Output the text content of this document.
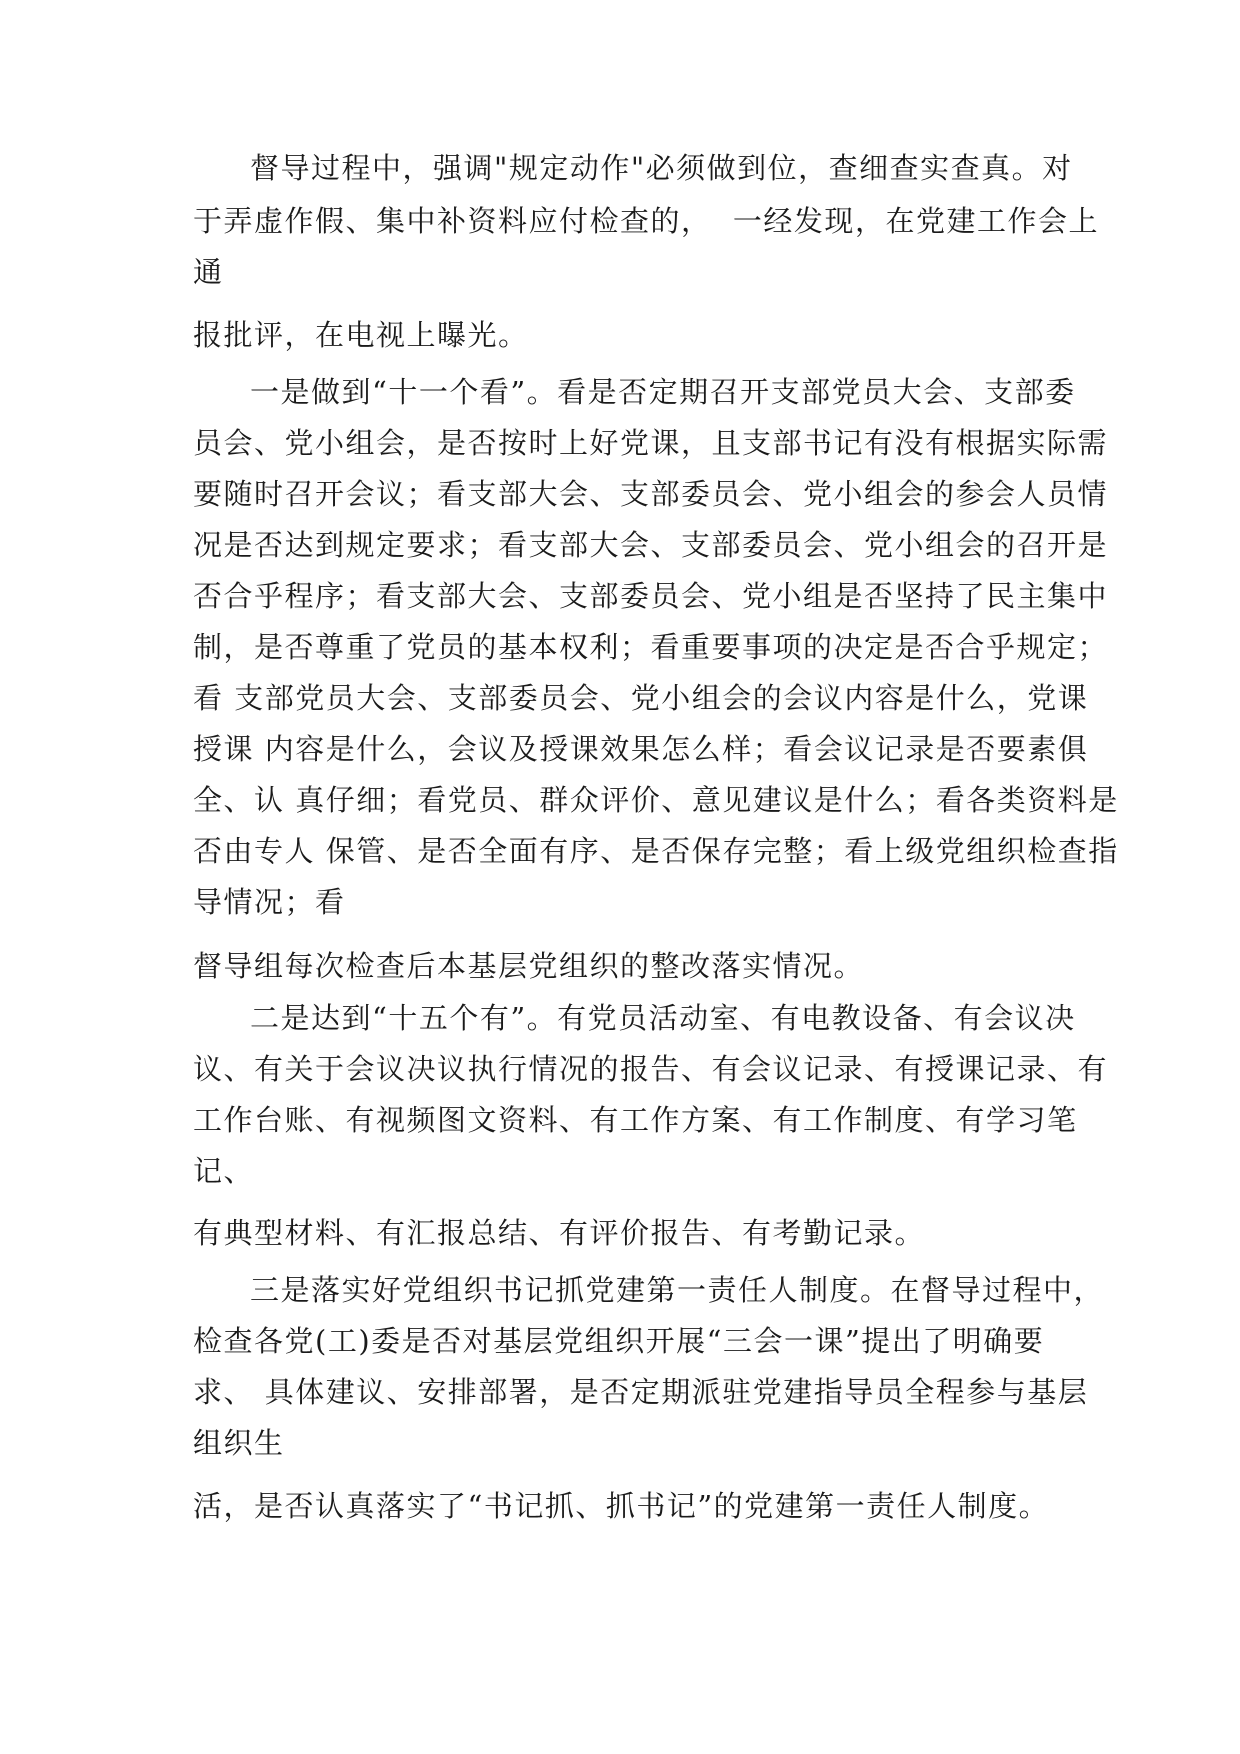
督导过程中，强调"规定动作"必须做到位，查细查实查真。对
于弄虚作假、集中补资料应付检查的，  一经发现，在党建工作会上
通
报批评，在电视上曝光。
一是做到“十一个看”。看是否定期召开支部党员大会、支部委
员会、党小组会，是否按时上好党课，且支部书记有没有根据实际需
要随时召开会议；看支部大会、支部委员会、党小组会的参会人员情
况是否达到规定要求；看支部大会、支部委员会、党小组会的召开是
否合乎程序；看支部大会、支部委员会、党小组是否坚持了民主集中
制，是否尊重了党员的基本权利；看重要事项的决定是否合乎规定；
看 支部党员大会、支部委员会、党小组会的会议内容是什么，党课
授课 内容是什么，会议及授课效果怎么样；看会议记录是否要素俱
全、认 真仔细；看党员、群众评价、意见建议是什么；看各类资料是
否由专人 保管、是否全面有序、是否保存完整；看上级党组织检查指
导情况；看
督导组每次检查后本基层党组织的整改落实情况。
二是达到“十五个有”。有党员活动室、有电教设备、有会议决
议、有关于会议决议执行情况的报告、有会议记录、有授课记录、有
工作台账、有视频图文资料、有工作方案、有工作制度、有学习笔
记、
有典型材料、有汇报总结、有评价报告、有考勤记录。
三是落实好党组织书记抓党建第一责任人制度。在督导过程中，
检查各党(工)委是否对基层党组织开展“三会一课”提出了明确要
求、 具体建议、安排部署，是否定期派驻党建指导员全程参与基层
组织生
活，是否认真落实了“书记抓、抓书记”的党建第一责任人制度。
